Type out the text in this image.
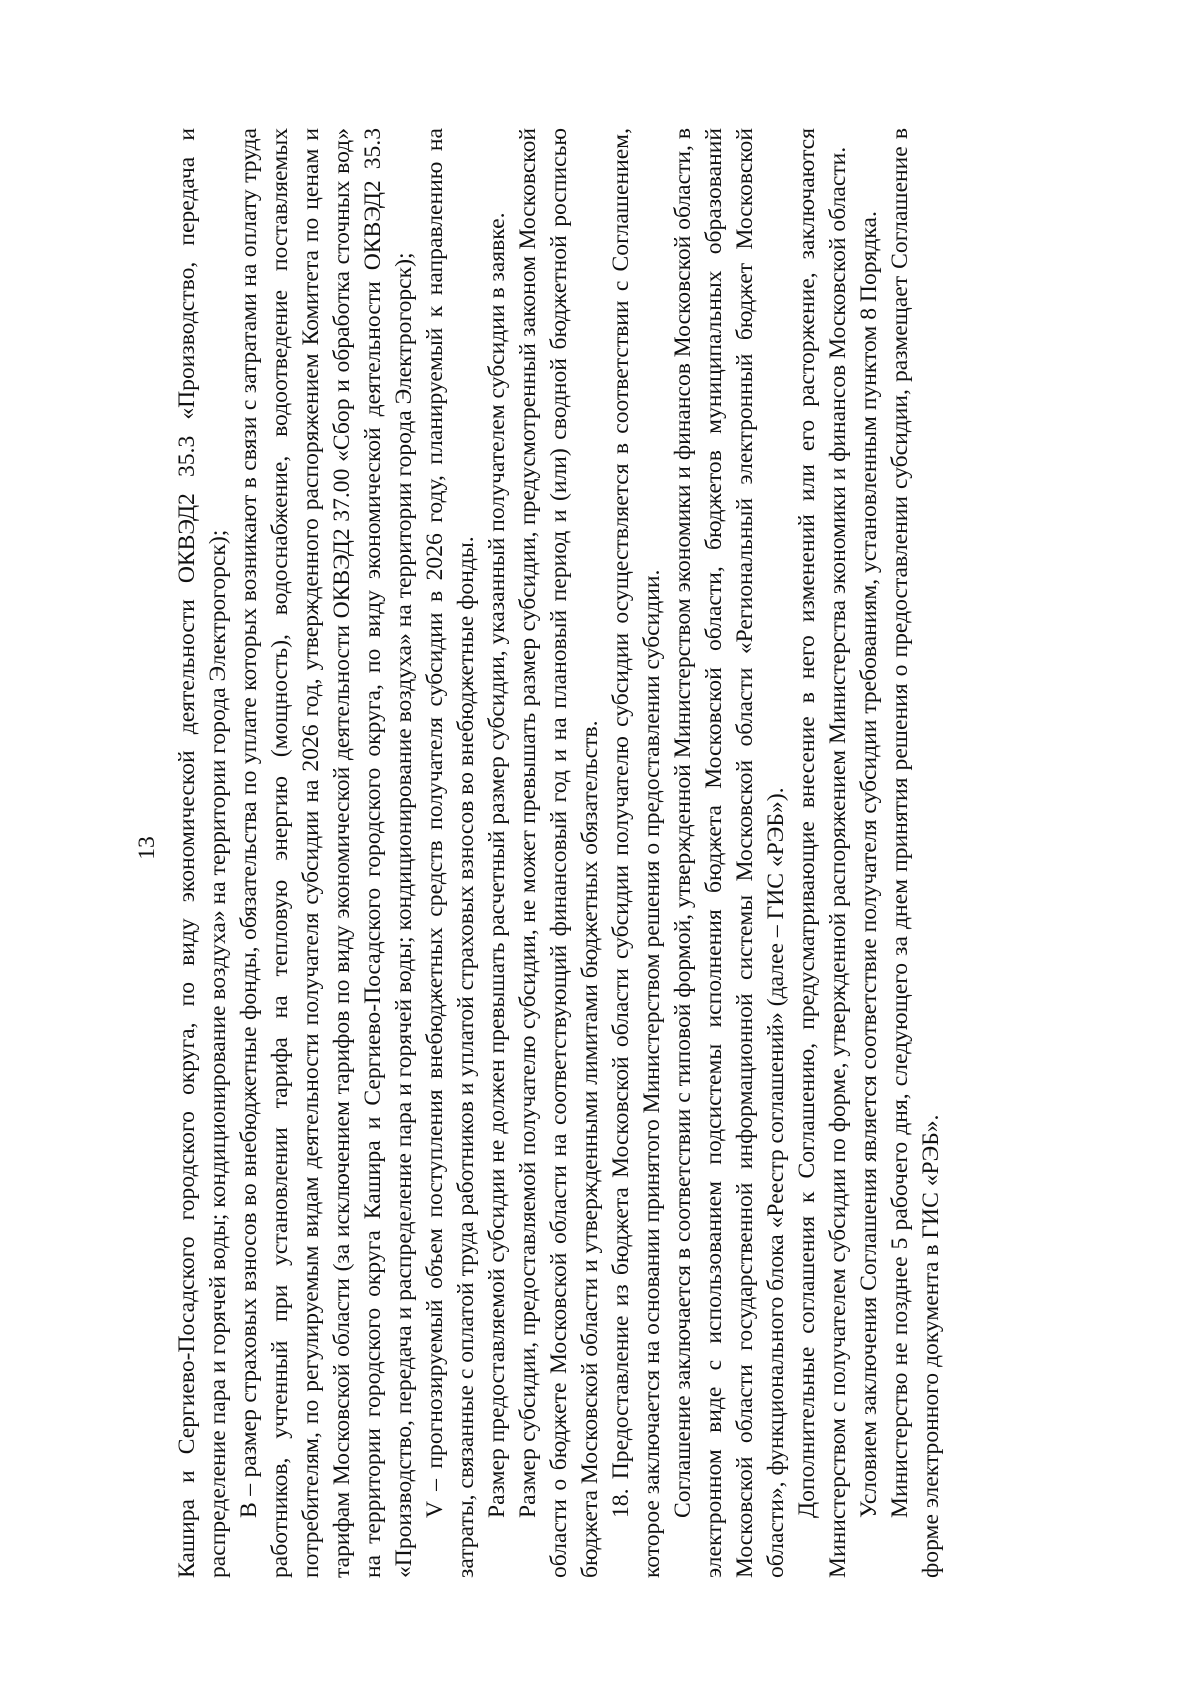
13 Кашира и Сергиево-Посадского городского округа, по виду экономической деятельности ОКВЭД2 35.3 «Производство, передача и распределение пара и горячей воды; кондиционирование воздуха» на территории города Электрогорск); В – размер страховых взносов во внебюджетные фонды, обязательства по уплате которых возникают в связи с затратами на оплату труда работников, учтенный при установлении тарифа на тепловую энергию (мощность), водоснабжение, водоотведение поставляемых потребителям, по регулируемым видам деятельности получателя субсидии на 2026 год, утвержденного распоряжением Комитета по ценам и тарифам Московской области (за исключением тарифов по виду экономической деятельности ОКВЭД2 37.00 «Сбор и обработка сточных вод» на территории городского округа Кашира и Сергиево-Посадского городского округа, по виду экономической деятельности ОКВЭД2 35.3 «Производство, передача и распределение пара и горячей воды; кондиционирование воздуха» на территории города Электрогорск); V – прогнозируемый объем поступления внебюджетных средств получателя субсидии в 2026 году, планируемый к направлению на затраты, связанные с оплатой труда работников и уплатой страховых взносов во внебюджетные фонды. Размер предоставляемой субсидии не должен превышать расчетный размер субсидии, указанный получателем субсидии в заявке. Размер субсидии, предоставляемой получателю субсидии, не может превышать размер субсидии, предусмотренный законом Московской области о бюджете Московской области на соответствующий финансовый год и на плановый период и (или) сводной бюджетной росписью бюджета Московской области и утвержденными лимитами бюджетных обязательств. 18. Предоставление из бюджета Московской области субсидии получателю субсидии осуществляется в соответствии с Соглашением, которое заключается на основании принятого Министерством решения о предоставлении субсидии. Соглашение заключается в соответствии с типовой формой, утвержденной Министерством экономики и финансов Московской области, в электронном виде с использованием подсистемы исполнения бюджета Московской области, бюджетов муниципальных образований Московской области государственной информационной системы Московской области «Региональный электронный бюджет Московской области», функционального блока «Реестр соглашений» (далее – ГИС «РЭБ»). Дополнительные соглашения к Соглашению, предусматривающие внесение в него изменений или его расторжение, заключаются Министерством с получателем субсидии по форме, утвержденной распоряжением Министерства экономики и финансов Московской области. Условием заключения Соглашения является соответствие получателя субсидии требованиям, установленным пунктом 8 Порядка. Министерство не позднее 5 рабочего дня, следующего за днем принятия решения о предоставлении субсидии, размещает Соглашение в форме электронного документа в ГИС «РЭБ».
